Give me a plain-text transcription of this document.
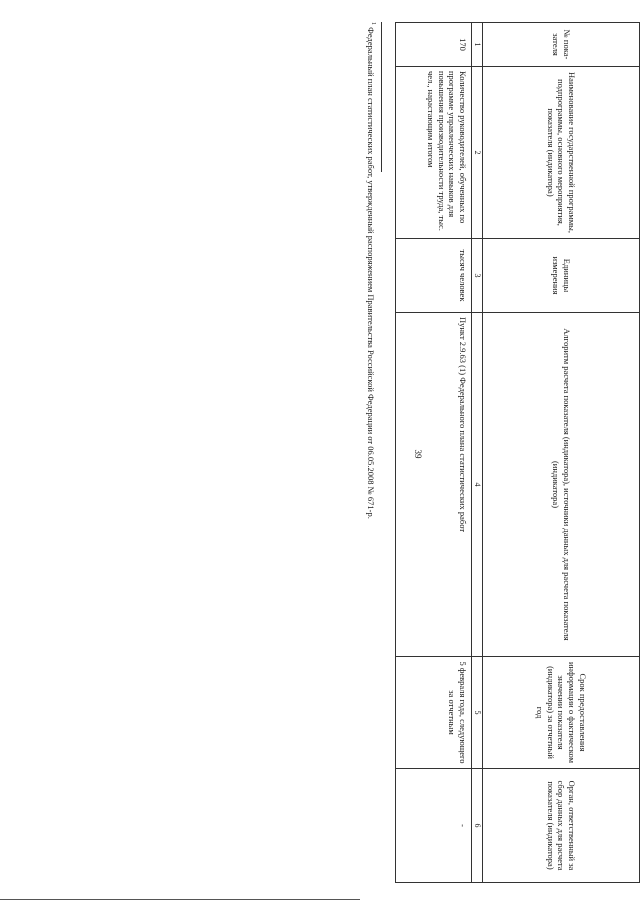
39
№ пока-зателя	Наименование государственной программы, подпрограммы, основного мероприятия, показателя (индикатора)	Единицы измерения	Алгоритм расчета показателя (индикатора), источники данных для расчета показателя (индикатора)	Срок предоставления информации о фактическом значении показателя (индикатора) за отчетный год	Орган, ответственный за сбор данных для расчета показателя (индикатора)
1	2	3	4	5	6
170	Количество руководителей, обученных по программе управленческих навыков для повышения производительности труда, тыс. чел., нарастающим итогом	тысяч человек	Пункт 2.9.63 (1) Федерального плана статистических работ	5 февраля года, следующего за отчетным	-
$^1$ Федеральный план статистических работ, утвержденный распоряжением Правительства Российской Федерации от 06.05.2008 № 671-р.
